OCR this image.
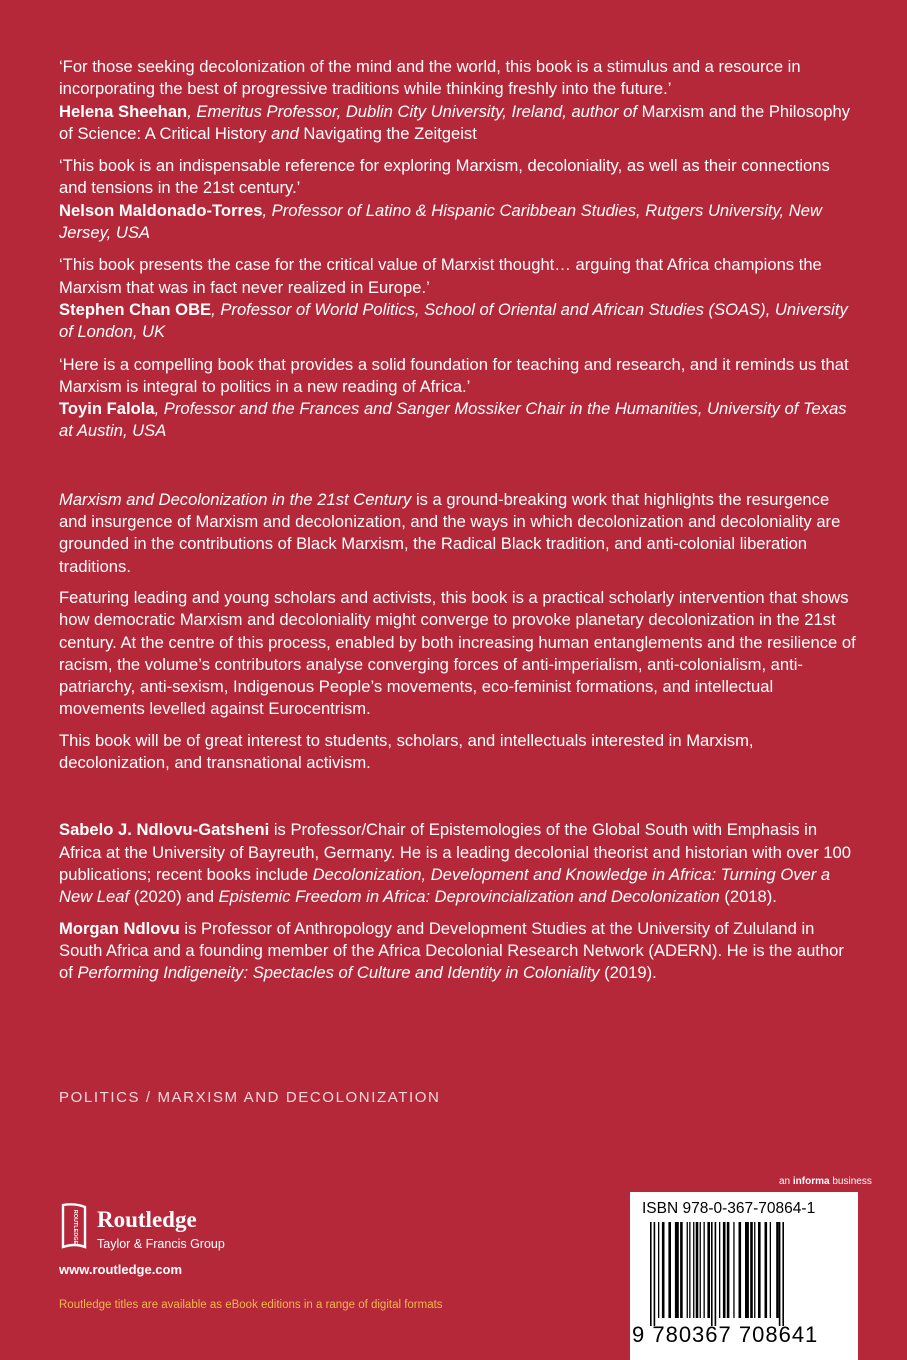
‘For those seeking decolonization of the mind and the world, this book is a stimulus and a resource in incorporating the best of progressive traditions while thinking freshly into the future.’

Helena Sheehan, Emeritus Professor, Dublin City University, Ireland, author of Marxism and the Philosophy of Science: A Critical History and Navigating the Zeitgeist

‘This book is an indispensable reference for exploring Marxism, decoloniality, as well as their connections and tensions in the 21st century.’

Nelson Maldonado-Torres, Professor of Latino & Hispanic Caribbean Studies, Rutgers University, New Jersey, USA

‘This book presents the case for the critical value of Marxist thought… arguing that Africa champions the Marxism that was in fact never realized in Europe.’

Stephen Chan OBE, Professor of World Politics, School of Oriental and African Studies (SOAS), University of London, UK

‘Here is a compelling book that provides a solid foundation for teaching and research, and it reminds us that Marxism is integral to politics in a new reading of Africa.’

Toyin Falola, Professor and the Frances and Sanger Mossiker Chair in the Humanities, University of Texas at Austin, USA

Marxism and Decolonization in the 21st Century is a ground-breaking work that highlights the resurgence and insurgence of Marxism and decolonization, and the ways in which decolonization and decoloniality are grounded in the contributions of Black Marxism, the Radical Black tradition, and anti-colonial liberation traditions.

Featuring leading and young scholars and activists, this book is a practical scholarly intervention that shows how democratic Marxism and decoloniality might converge to provoke planetary decolonization in the 21st century. At the centre of this process, enabled by both increasing human entanglements and the resilience of racism, the volume’s contributors analyse converging forces of anti-imperialism, anti-colonialism, anti-patriarchy, anti-sexism, Indigenous People’s movements, eco-feminist formations, and intellectual movements levelled against Eurocentrism.

This book will be of great interest to students, scholars, and intellectuals interested in Marxism, decolonization, and transnational activism.

Sabelo J. Ndlovu-Gatsheni is Professor/Chair of Epistemologies of the Global South with Emphasis in Africa at the University of Bayreuth, Germany. He is a leading decolonial theorist and historian with over 100 publications; recent books include Decolonization, Development and Knowledge in Africa: Turning Over a New Leaf (2020) and Epistemic Freedom in Africa: Deprovincialization and Decolonization (2018).

Morgan Ndlovu is Professor of Anthropology and Development Studies at the University of Zululand in South Africa and a founding member of the Africa Decolonial Research Network (ADERN). He is the author of Performing Indigeneity: Spectacles of Culture and Identity in Coloniality (2019).

POLITICS / MARXISM AND DECOLONIZATION
ROUTLEDGE Routledge
Taylor & Francis Group
www.routledge.com
Routledge titles are available as eBook editions in a range of digital formats
an informa business
ISBN 978-0-367-70864-1
9 780367 708641
